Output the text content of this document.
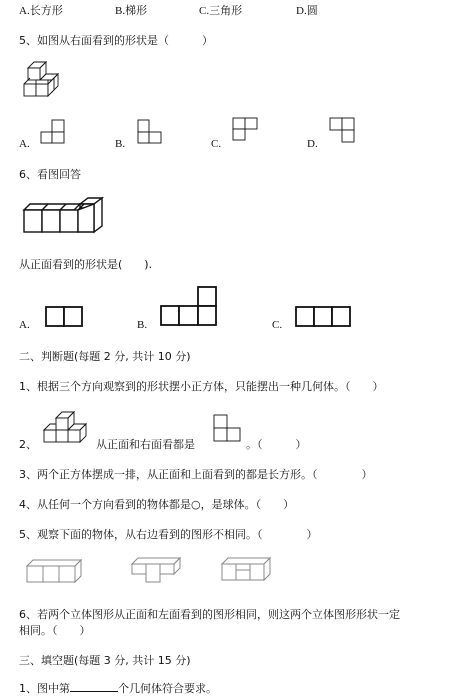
A.长方形	B.梯形	C.三角形	D.圆
5、如图从右面看到的形状是（　　　）
A.	B.	C.	D.
6、看图回答
从正面看到的形状是(　　).
A.	B.	C.
二、判断题(每题 2 分, 共计 10 分)
1、根据三个方向观察到的形状摆小正方体，只能摆出一种几何体。（　　）
2、	从正面和右面看都是	。（　　　）
3、两个正方体摆成一排，从正面和上面看到的都是长方形。（　　　　）
4、从任何一个方向看到的物体都是○，是球体。（　　）
5、观察下面的物体，从右边看到的图形不相同。（　　　　）
6、若两个立体图形从正面和左面看到的图形相同，则这两个立体图形形状一定
相同。（　　）
三、填空题(每题 3 分, 共计 15 分)
1、图中第	个几何体符合要求。
